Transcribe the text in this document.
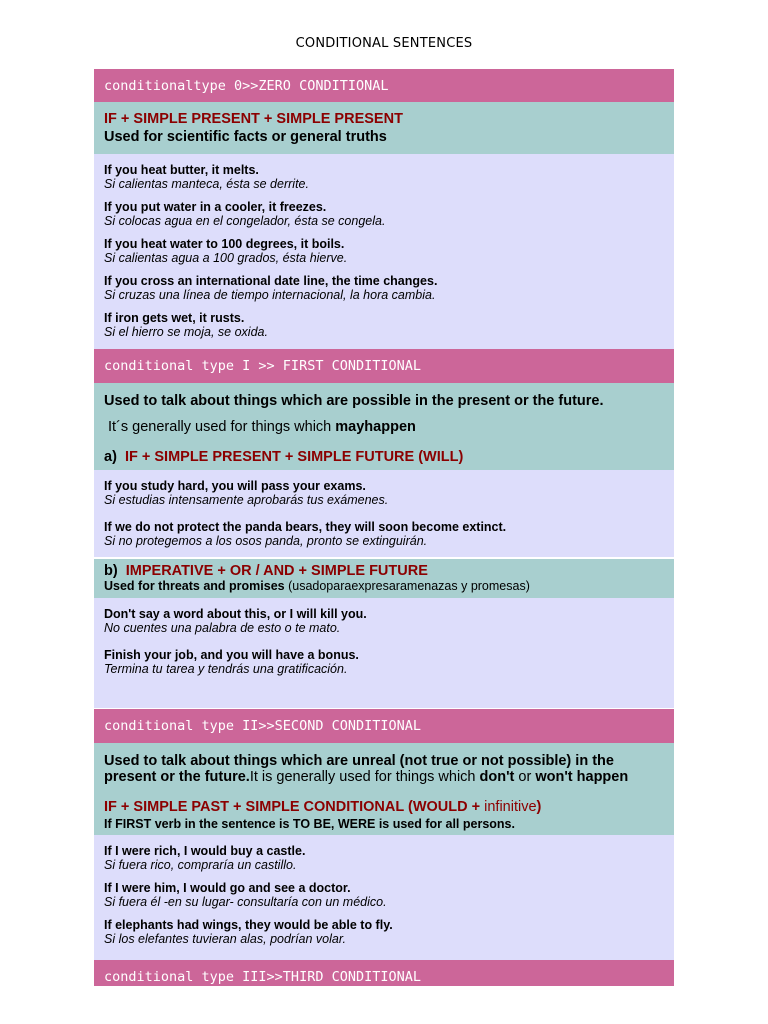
CONDITIONAL SENTENCES
conditionaltype 0>>ZERO CONDITIONAL
IF + SIMPLE PRESENT + SIMPLE PRESENT
Used for scientific facts or general truths
If you heat butter, it melts.
Si calientas manteca, ésta se derrite.
If you put water in a cooler, it freezes.
Si colocas agua en el congelador, ésta se congela.
If you heat water to 100 degrees, it boils.
Si calientas agua a 100 grados, ésta hierve.
If you cross an international date line, the time changes.
Si cruzas una línea de tiempo internacional, la hora cambia.
If iron gets wet, it rusts.
Si el hierro se moja, se oxida.
conditional type I >> FIRST CONDITIONAL
Used to talk about things which are possible in the present or the future.
It´s generally used for things which mayhappen
a) IF + SIMPLE PRESENT + SIMPLE FUTURE (WILL)
If you study hard, you will pass your exams.
Si estudias intensamente aprobarás tus exámenes.
If we do not protect the panda bears, they will soon become extinct.
Si no protegemos a los osos panda, pronto se extinguirán.
b) IMPERATIVE + OR / AND + SIMPLE FUTURE
Used for threats and promises (usadoparaexpresaramenazas y promesas)
Don't say a word about this, or I will kill you.
No cuentes una palabra de esto o te mato.
Finish your job, and you will have a bonus.
Termina tu tarea y tendrás una gratificación.
conditional type II>>SECOND CONDITIONAL
Used to talk about things which are unreal (not true or not possible) in the
present or the future.It is generally used for things which don't or won't happen
IF + SIMPLE PAST + SIMPLE CONDITIONAL (WOULD + infinitive)
If FIRST verb in the sentence is TO BE, WERE is used for all persons.
If I were rich, I would buy a castle.
Si fuera rico, compraría un castillo.
If I were him, I would go and see a doctor.
Si fuera él -en su lugar- consultaría con un médico.
If elephants had wings, they would be able to fly.
Si los elefantes tuvieran alas, podrían volar.
conditional type III>>THIRD CONDITIONAL
